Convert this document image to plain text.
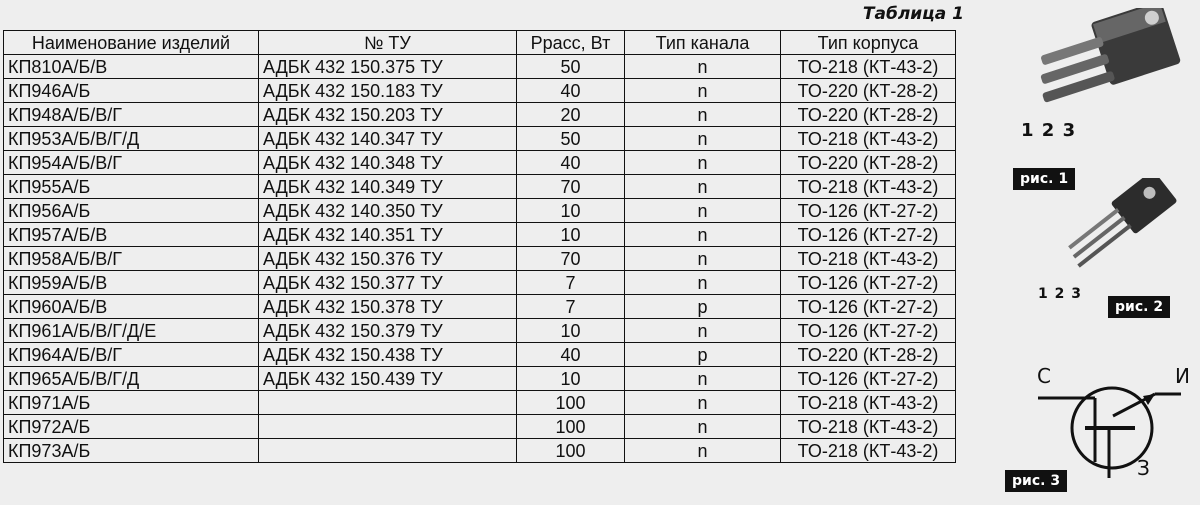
Таблица 1
Наименование изделий	№ ТУ	Ррасс, Вт	Тип канала	Тип корпуса
КП810А/Б/В	АДБК 432 150.375 ТУ	50	n	ТО-218 (КТ-43-2)
КП946А/Б	АДБК 432 150.183 ТУ	40	n	ТО-220 (КТ-28-2)
КП948А/Б/В/Г	АДБК 432 150.203 ТУ	20	n	ТО-220 (КТ-28-2)
КП953А/Б/В/Г/Д	АДБК 432 140.347 ТУ	50	n	ТО-218 (КТ-43-2)
КП954А/Б/В/Г	АДБК 432 140.348 ТУ	40	n	ТО-220 (КТ-28-2)
КП955А/Б	АДБК 432 140.349 ТУ	70	n	ТО-218 (КТ-43-2)
КП956А/Б	АДБК 432 140.350 ТУ	10	n	ТО-126 (КТ-27-2)
КП957А/Б/В	АДБК 432 140.351 ТУ	10	n	ТО-126 (КТ-27-2)
КП958А/Б/В/Г	АДБК 432 150.376 ТУ	70	n	ТО-218 (КТ-43-2)
КП959А/Б/В	АДБК 432 150.377 ТУ	7	n	ТО-126 (КТ-27-2)
КП960А/Б/В	АДБК 432 150.378 ТУ	7	p	ТО-126 (КТ-27-2)
КП961А/Б/В/Г/Д/Е	АДБК 432 150.379 ТУ	10	n	ТО-126 (КТ-27-2)
КП964А/Б/В/Г	АДБК 432 150.438 ТУ	40	p	ТО-220 (КТ-28-2)
КП965А/Б/В/Г/Д	АДБК 432 150.439 ТУ	10	n	ТО-126 (КТ-27-2)
КП971А/Б		100	n	ТО-218 (КТ-43-2)
КП972А/Б		100	n	ТО-218 (КТ-43-2)
КП973А/Б		100	n	ТО-218 (КТ-43-2)
1 2 3
рис. 1
1 2 3
рис. 2
С	И
З
рис. 3
